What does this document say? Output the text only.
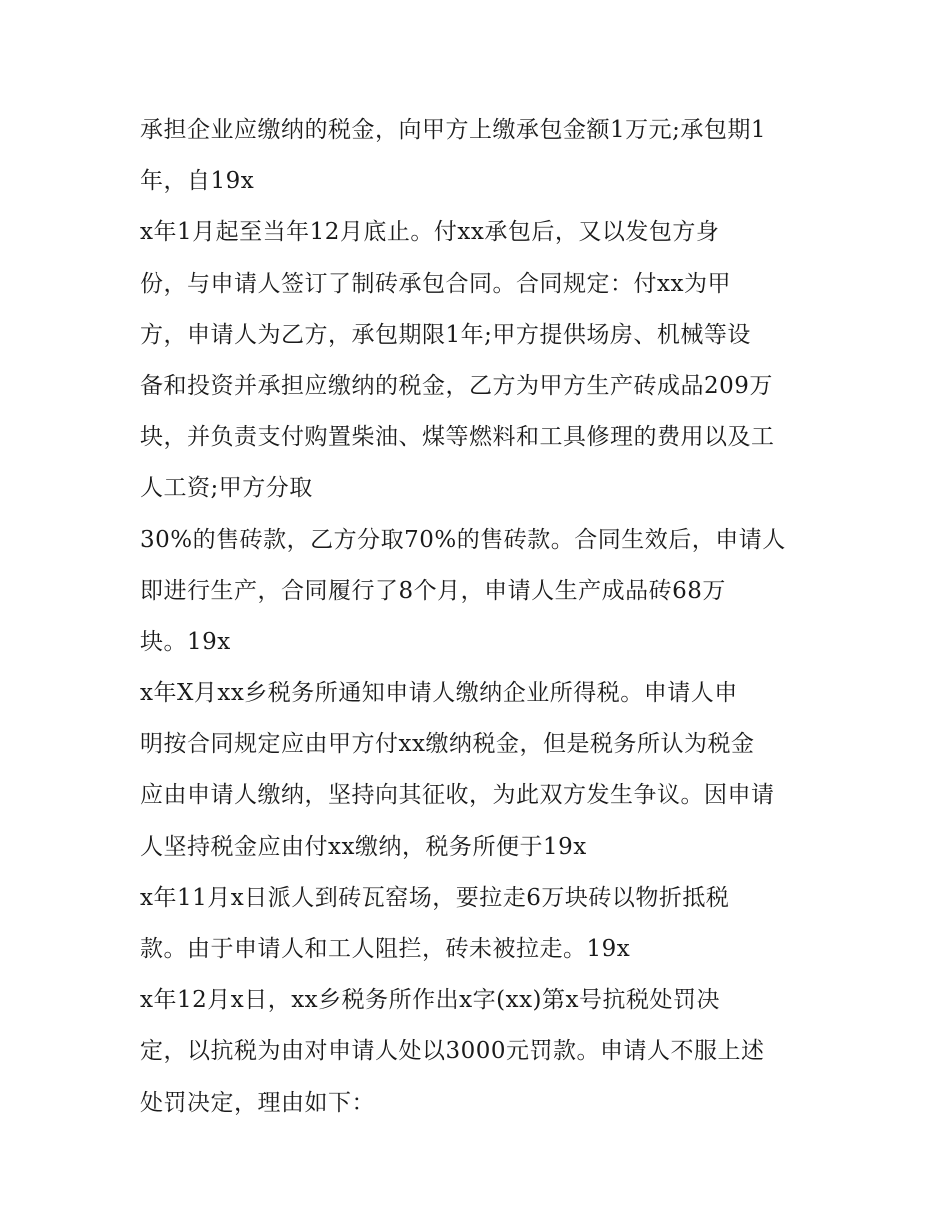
承担企业应缴纳的税金，向甲方上缴承包金额1万元;承包期1
年，自19x
x年1月起至当年12月底止。付xx承包后，又以发包方身
份，与申请人签订了制砖承包合同。合同规定：付xx为甲
方，申请人为乙方，承包期限1年;甲方提供场房、机械等设
备和投资并承担应缴纳的税金，乙方为甲方生产砖成品209万
块，并负责支付购置柴油、煤等燃料和工具修理的费用以及工
人工资;甲方分取
30%的售砖款，乙方分取70%的售砖款。合同生效后，申请人
即进行生产，合同履行了8个月，申请人生产成品砖68万
块。19x
x年X月xx乡税务所通知申请人缴纳企业所得税。申请人申
明按合同规定应由甲方付xx缴纳税金，但是税务所认为税金
应由申请人缴纳，坚持向其征收，为此双方发生争议。因申请
人坚持税金应由付xx缴纳，税务所便于19x
x年11月x日派人到砖瓦窑场，要拉走6万块砖以物折抵税
款。由于申请人和工人阻拦，砖未被拉走。19x
x年12月x日，xx乡税务所作出x字(xx)第x号抗税处罚决
定，以抗税为由对申请人处以3000元罚款。申请人不服上述
处罚决定，理由如下：
